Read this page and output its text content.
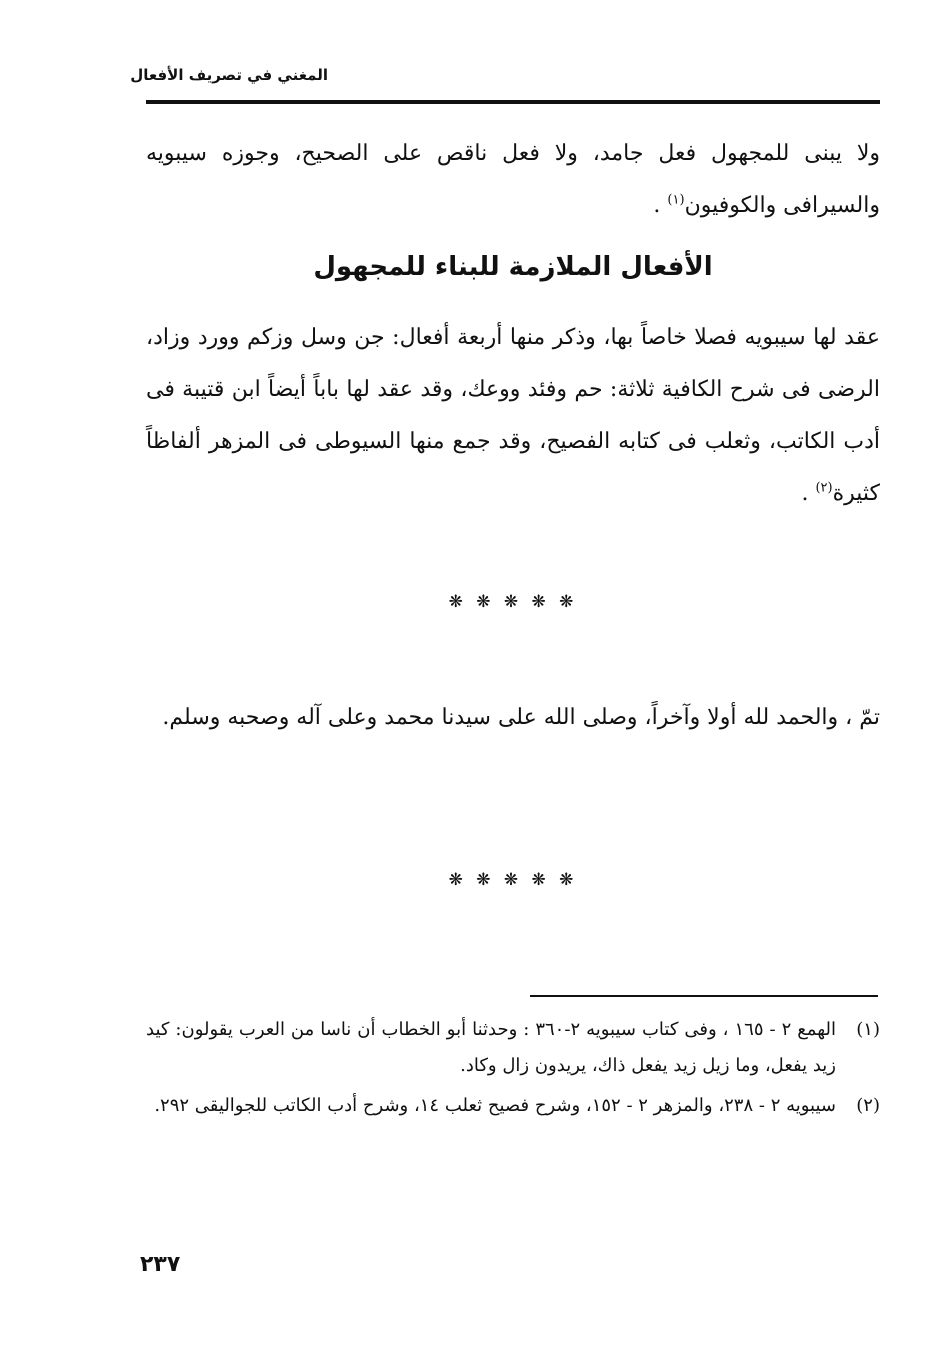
المغني في تصريف الأفعال

ولا يبنى للمجهول فعل جامد، ولا فعل ناقص على الصحيح، وجوزه سيبويه والسيرافى والكوفيون$^{(١)}$ .

الأفعال الملازمة للبناء للمجهول

عقد لها سيبويه فصلا خاصاً بها، وذكر منها أربعة أفعال: جن وسل وزكم وورد وزاد، الرضى فى شرح الكافية ثلاثة: حم وفئد ووعك، وقد عقد لها باباً أيضاً ابن قتيبة فى أدب الكاتب، وثعلب فى كتابه الفصيح، وقد جمع منها السيوطى فى المزهر ألفاظاً كثيرة$^{(٢)}$ .

❋ ❋ ❋ ❋ ❋

تمّ ، والحمد لله أولا وآخراً، وصلى الله على سيدنا محمد وعلى آله وصحبه وسلم.

❋ ❋ ❋ ❋ ❋
(١)
الهمع ٢ - ١٦٥ ، وفى كتاب سيبويه ٢-٣٦٠ : وحدثنا أبو الخطاب أن ناسا من العرب يقولون: كيد زيد يفعل، وما زيل زيد يفعل ذاك، يريدون زال وكاد.
(٢)
سيبويه ٢ - ٢٣٨، والمزهر ٢ - ١٥٢، وشرح فصيح ثعلب ١٤، وشرح أدب الكاتب للجواليقى ٢٩٢.
٢٣٧
